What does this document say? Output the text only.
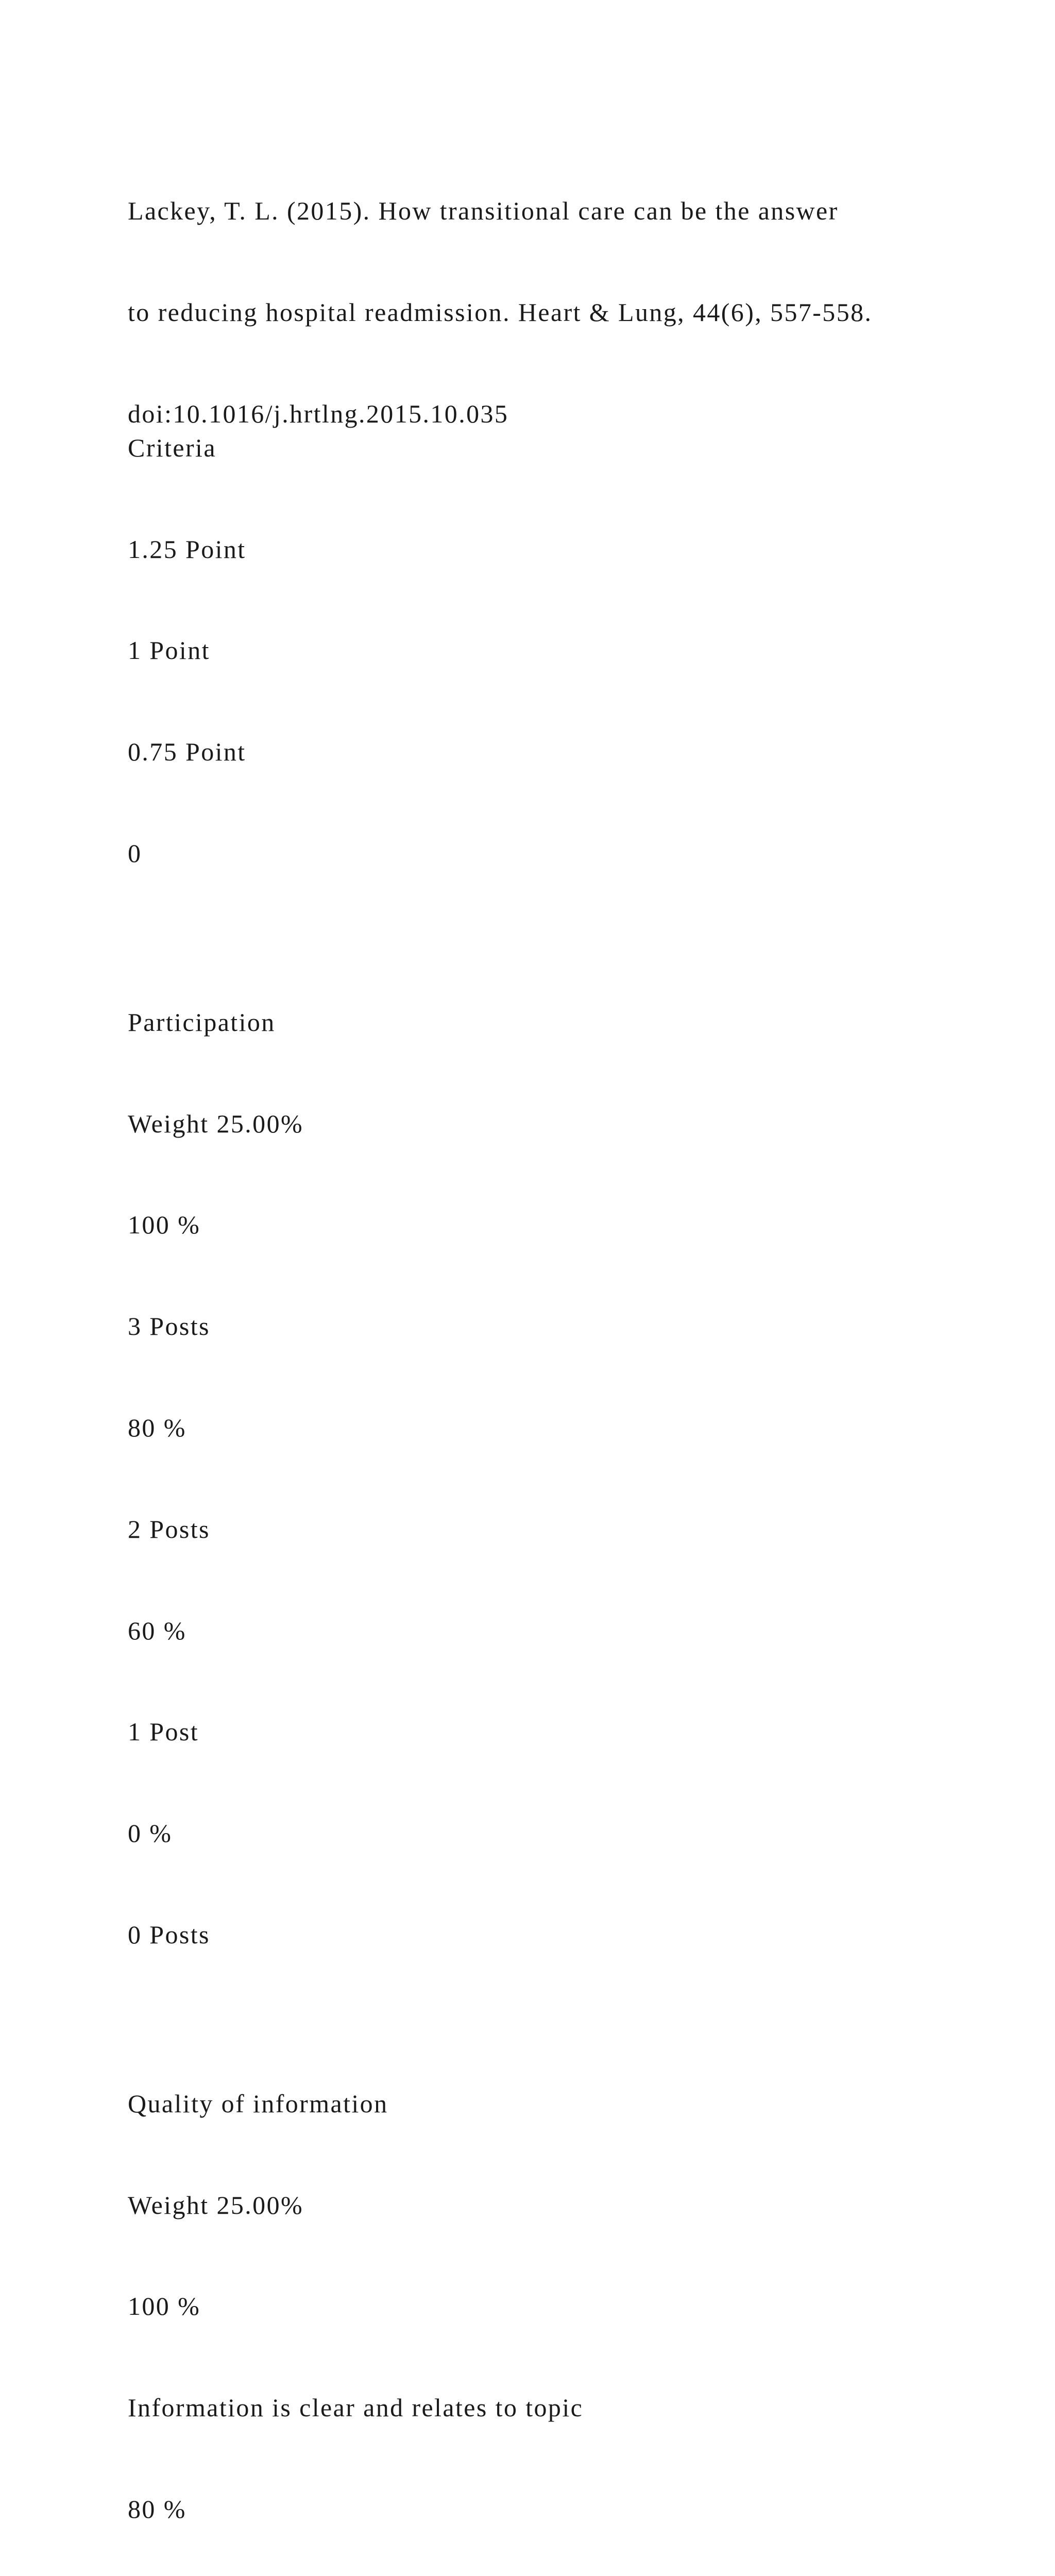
Lackey, T. L. (2015). How transitional care can be the answer

to reducing hospital readmission. Heart & Lung, 44(6), 557-558.

doi:10.1016/j.hrtlng.2015.10.035

Criteria

1.25 Point

1 Point

0.75 Point

0

Participation

Weight 25.00%

100 %

3 Posts

80 %

2 Posts

60 %

1 Post

0 %

0 Posts

Quality of information

Weight 25.00%

100 %

Information is clear and relates to topic

80 %
